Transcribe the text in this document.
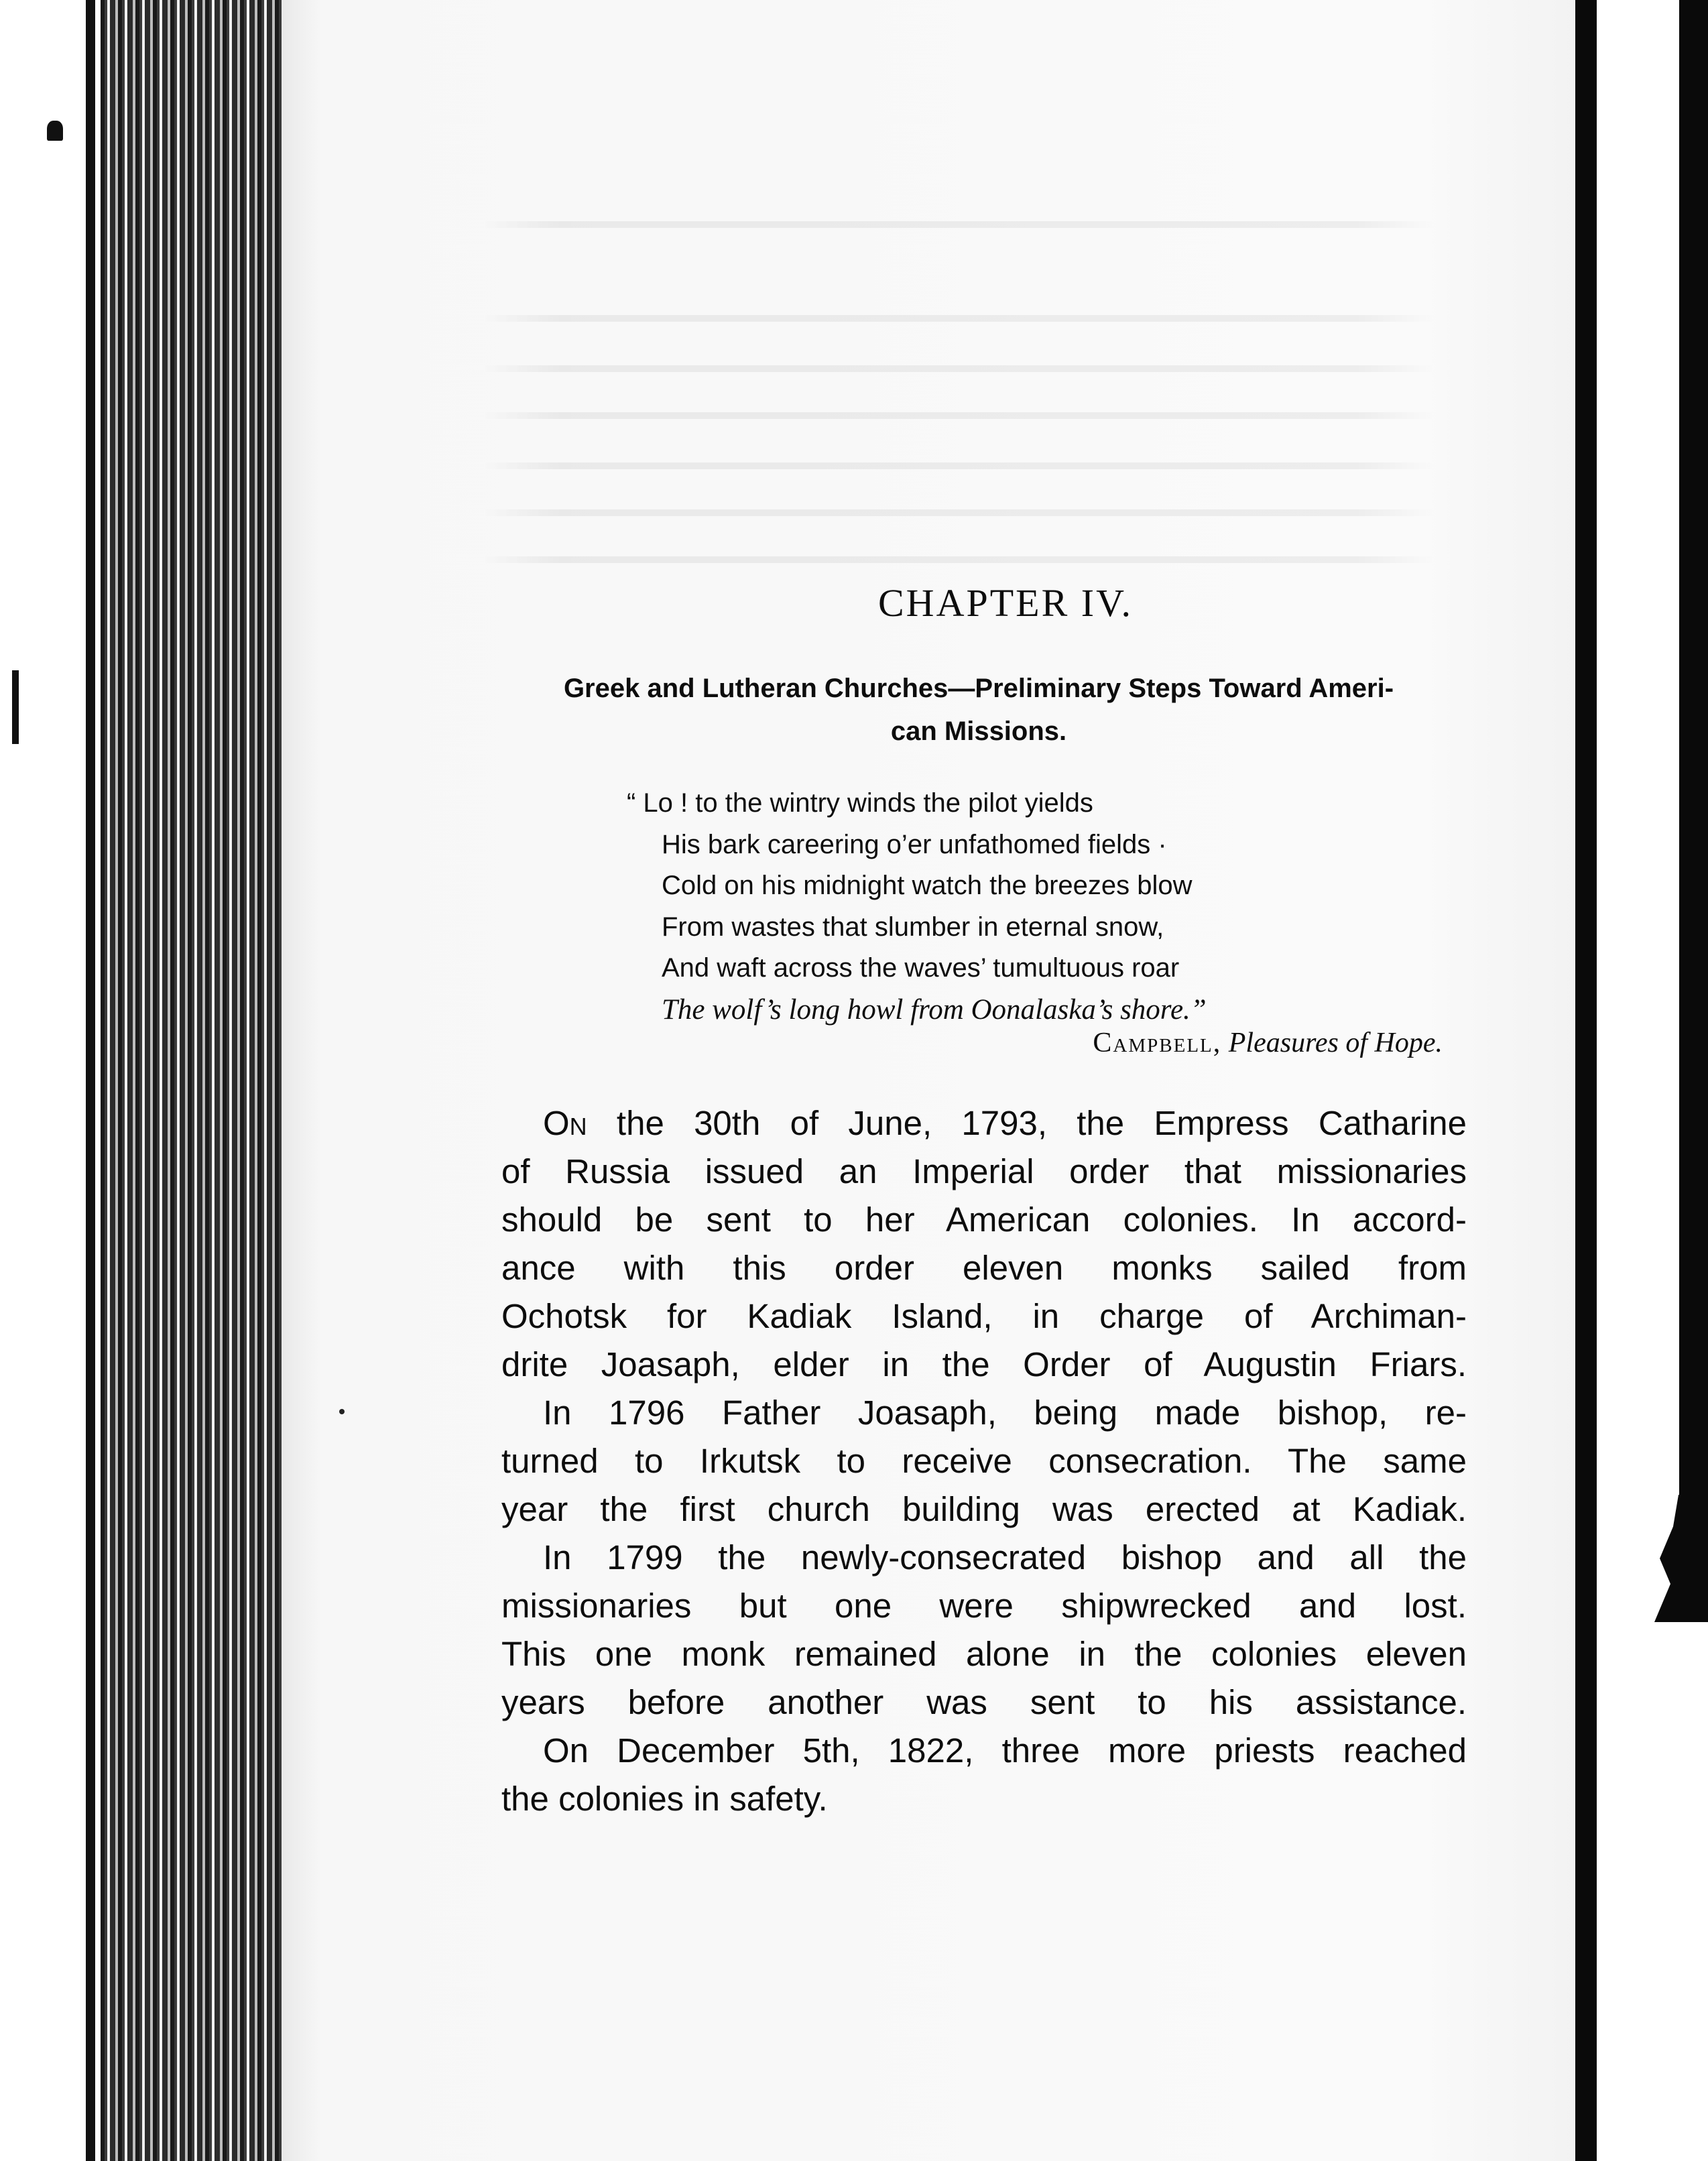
CHAPTER IV.
Greek and Lutheran Churches—Preliminary Steps Toward Ameri-
can Missions.
“ Lo ! to the wintry winds the pilot yields
His bark careering o’er unfathomed fields ·
Cold on his midnight watch the breezes blow
From wastes that slumber in eternal snow,
And waft across the waves’ tumultuous roar
The wolf’s long howl from Oonalaska’s shore.”
Campbell, Pleasures of Hope.
On the 30th of June, 1793, the Empress Catharine
of Russia issued an Imperial order that missionaries
should be sent to her American colonies. In accord-
ance with this order eleven monks sailed from
Ochotsk for Kadiak Island, in charge of Archiman-
drite Joasaph, elder in the Order of Augustin Friars.
In 1796 Father Joasaph, being made bishop, re-
turned to Irkutsk to receive consecration. The same
year the first church building was erected at Kadiak.
In 1799 the newly-consecrated bishop and all the
missionaries but one were shipwrecked and lost.
This one monk remained alone in the colonies eleven
years before another was sent to his assistance.
On December 5th, 1822, three more priests reached
the colonies in safety.
